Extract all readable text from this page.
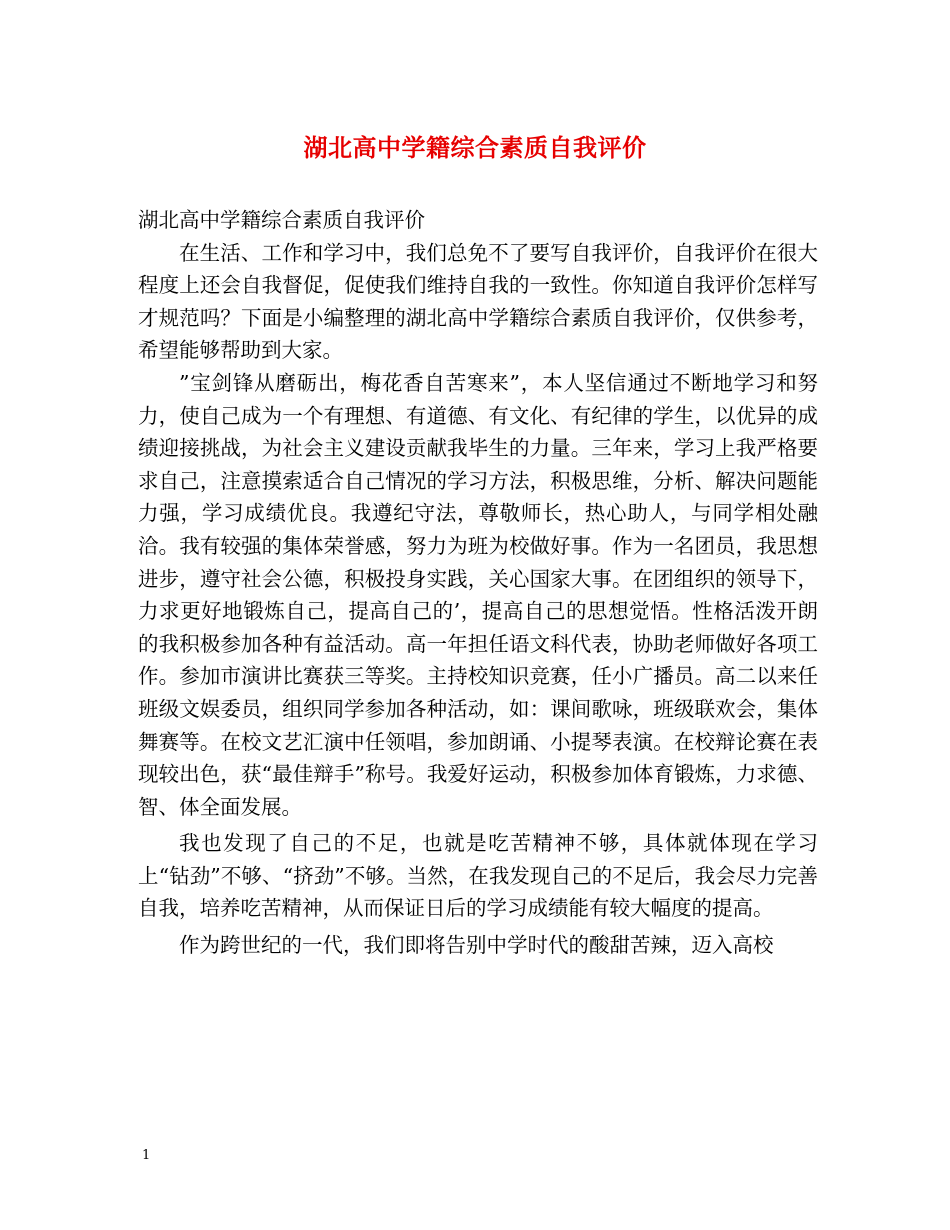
湖北高中学籍综合素质自我评价

湖北高中学籍综合素质自我评价

在生活、工作和学习中，我们总免不了要写自我评价，自我评价在很大程度上还会自我督促，促使我们维持自我的一致性。你知道自我评价怎样写才规范吗？下面是小编整理的湖北高中学籍综合素质自我评价，仅供参考，希望能够帮助到大家。

”宝剑锋从磨砺出，梅花香自苦寒来”，本人坚信通过不断地学习和努力，使自己成为一个有理想、有道德、有文化、有纪律的学生，以优异的成绩迎接挑战，为社会主义建设贡献我毕生的力量。三年来，学习上我严格要求自己，注意摸索适合自己情况的学习方法，积极思维，分析、解决问题能力强，学习成绩优良。我遵纪守法，尊敬师长，热心助人，与同学相处融洽。我有较强的集体荣誉感，努力为班为校做好事。作为一名团员，我思想进步，遵守社会公德，积极投身实践，关心国家大事。在团组织的领导下，力求更好地锻炼自己，提高自己的’，提高自己的思想觉悟。性格活泼开朗的我积极参加各种有益活动。高一年担任语文科代表，协助老师做好各项工作。参加市演讲比赛获三等奖。主持校知识竞赛，任小广播员。高二以来任班级文娱委员，组织同学参加各种活动，如：课间歌咏，班级联欢会，集体舞赛等。在校文艺汇演中任领唱，参加朗诵、小提琴表演。在校辩论赛在表现较出色，获“最佳辩手”称号。我爱好运动，积极参加体育锻炼，力求德、智、体全面发展。

我也发现了自己的不足，也就是吃苦精神不够，具体就体现在学习上“钻劲”不够、“挤劲”不够。当然，在我发现自己的不足后，我会尽力完善自我，培养吃苦精神，从而保证日后的学习成绩能有较大幅度的提高。

作为跨世纪的一代，我们即将告别中学时代的酸甜苦辣，迈入高校

1
